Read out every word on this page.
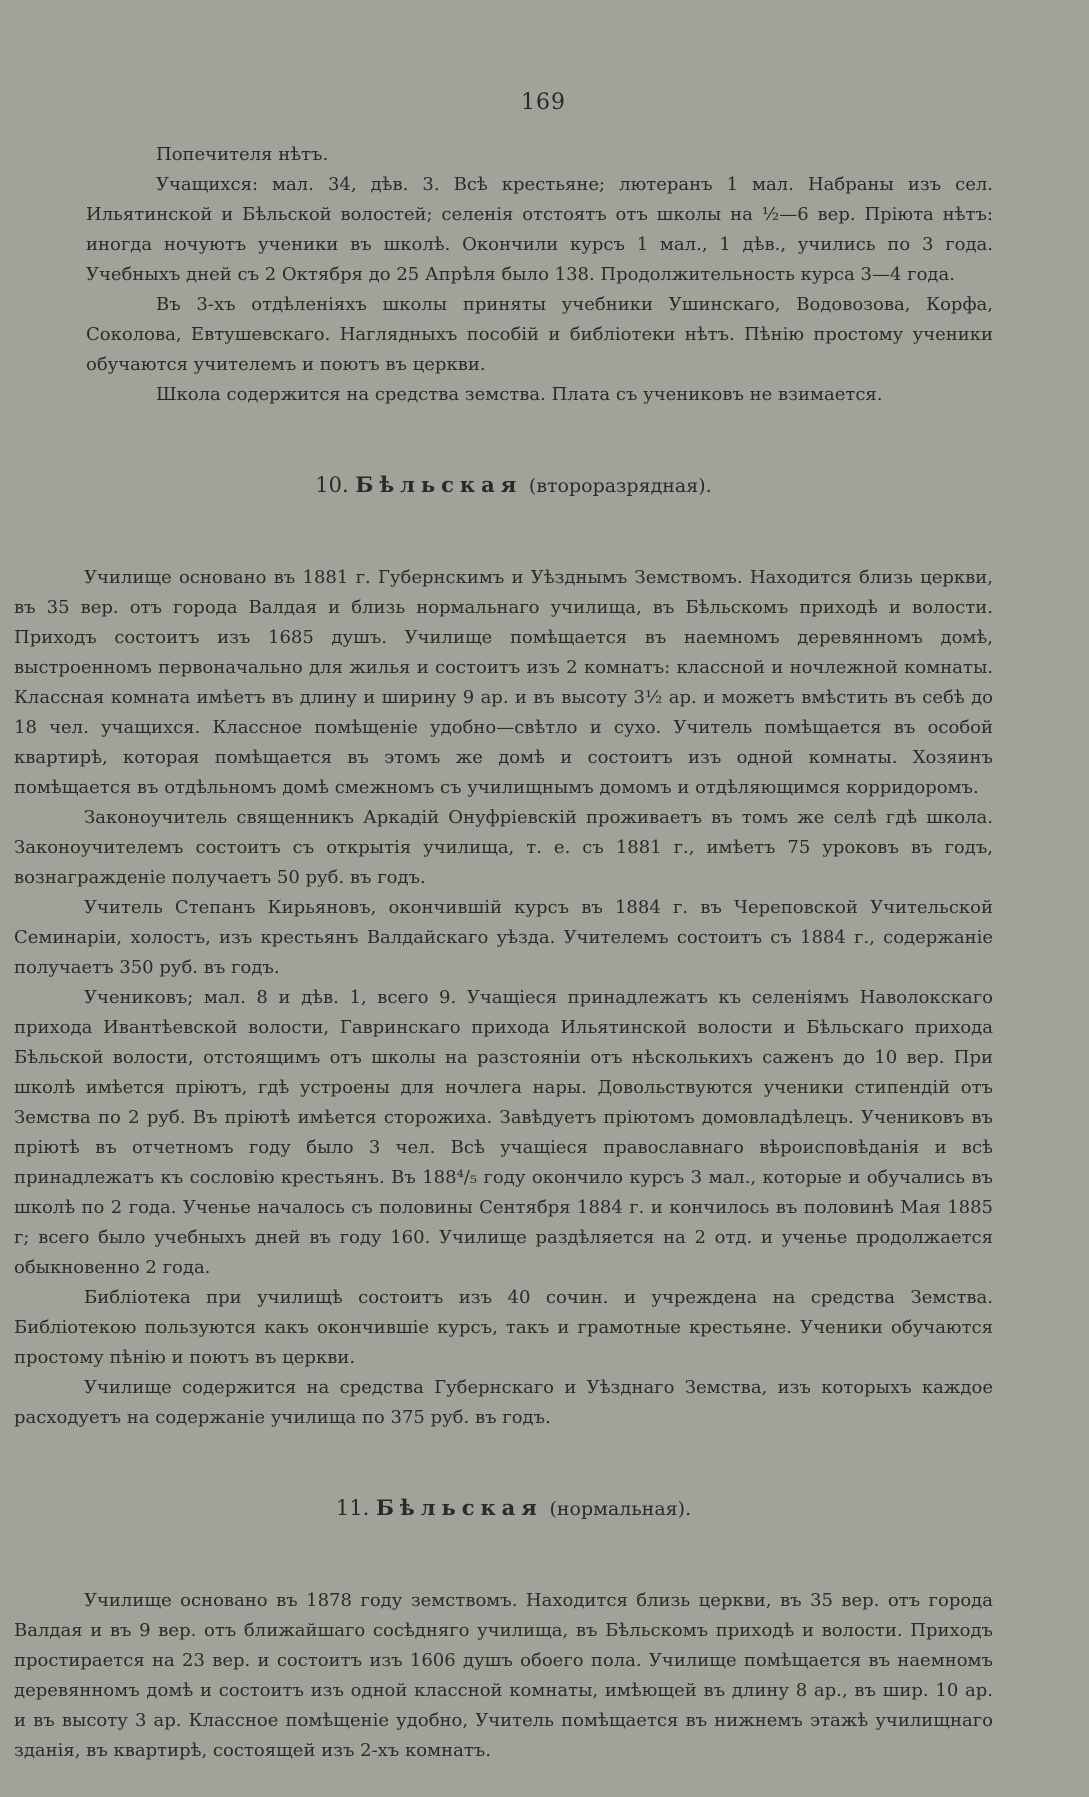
169

Попечителя нѣтъ.

Учащихся: мал. 34, дѣв. 3. Всѣ крестьяне; лютеранъ 1 мал. Набраны изъ сел. Ильятинской и Бѣльской волостей; селенія отстоятъ отъ школы на ½—6 вер. Пріюта нѣтъ: иногда ночуютъ ученики въ школѣ. Окончили курсъ 1 мал., 1 дѣв., учились по 3 года. Учебныхъ дней съ 2 Октября до 25 Апрѣля было 138. Продолжительность курса 3—4 года.

Въ 3-хъ отдѣленіяхъ школы приняты учебники Ушинскаго, Водовозова, Корфа, Соколова, Евтушевскаго. Наглядныхъ пособій и библіотеки нѣтъ. Пѣнію простому ученики обучаются учителемъ и поютъ въ церкви.

Школа содержится на средства земства. Плата съ учениковъ не взимается.

10. Бѣльская (второразрядная).

Училище основано въ 1881 г. Губернскимъ и Уѣзднымъ Земствомъ. Находится близь церкви, въ 35 вер. отъ города Валдая и близь нормальнаго училища, въ Бѣльскомъ приходѣ и волости. Приходъ состоитъ изъ 1685 душъ. Училище помѣщается въ наемномъ деревянномъ домѣ, выстроенномъ первоначально для жилья и состоитъ изъ 2 комнатъ: классной и ночлежной комнаты. Классная комната имѣетъ въ длину и ширину 9 ар. и въ высоту 3½ ар. и можетъ вмѣстить въ себѣ до 18 чел. учащихся. Классное помѣщеніе удобно—свѣтло и сухо. Учитель помѣщается въ особой квартирѣ, которая помѣщается въ этомъ же домѣ и состоитъ изъ одной комнаты. Хозяинъ помѣщается въ отдѣльномъ домѣ смежномъ съ училищнымъ домомъ и отдѣляющимся корридоромъ.

Законоучитель священникъ Аркадій Онуфріевскій проживаетъ въ томъ же селѣ гдѣ школа. Законоучителемъ состоитъ съ открытія училища, т. е. съ 1881 г., имѣетъ 75 уроковъ въ годъ, вознагражденіе получаетъ 50 руб. въ годъ.

Учитель Степанъ Кирьяновъ, окончившій курсъ въ 1884 г. въ Череповской Учительской Семинаріи, холостъ, изъ крестьянъ Валдайскаго уѣзда. Учителемъ состоитъ съ 1884 г., содержаніе получаетъ 350 руб. въ годъ.

Учениковъ; мал. 8 и дѣв. 1, всего 9. Учащіеся принадлежатъ къ селеніямъ Наволокскаго прихода Ивантѣевской волости, Гавринскаго прихода Ильятинской волости и Бѣльскаго прихода Бѣльской волости, отстоящимъ отъ школы на разстояніи отъ нѣсколькихъ саженъ до 10 вер. При школѣ имѣется пріютъ, гдѣ устроены для ночлега нары. Довольствуются ученики стипендій отъ Земства по 2 руб. Въ пріютѣ имѣется сторожиха. Завѣдуетъ пріютомъ домовладѣлецъ. Учениковъ въ пріютѣ въ отчетномъ году было 3 чел. Всѣ учащіеся православнаго вѣроисповѣданія и всѣ принадлежатъ къ сословію крестьянъ. Въ 188⁴/₅ году окончило курсъ 3 мал., которые и обучались въ школѣ по 2 года. Ученье началось съ половины Сентября 1884 г. и кончилось въ половинѣ Мая 1885 г; всего было учебныхъ дней въ году 160. Училище раздѣляется на 2 отд. и ученье продолжается обыкновенно 2 года.

Библіотека при училищѣ состоитъ изъ 40 сочин. и учреждена на средства Земства. Библіотекою пользуются какъ окончившіе курсъ, такъ и грамотные крестьяне. Ученики обучаются простому пѣнію и поютъ въ церкви.

Училище содержится на средства Губернскаго и Уѣзднаго Земства, изъ которыхъ каждое расходуетъ на содержаніе училища по 375 руб. въ годъ.

11. Бѣльская (нормальная).

Училище основано въ 1878 году земствомъ. Находится близь церкви, въ 35 вер. отъ города Валдая и въ 9 вер. отъ ближайшаго сосѣдняго училища, въ Бѣльскомъ приходѣ и волости. Приходъ простирается на 23 вер. и состоитъ изъ 1606 душъ обоего пола. Училище помѣщается въ наемномъ деревянномъ домѣ и состоитъ изъ одной классной комнаты, имѣющей въ длину 8 ар., въ шир. 10 ар. и въ высоту 3 ар. Классное помѣщеніе удобно, Учитель помѣщается въ нижнемъ этажѣ училищнаго зданія, въ квартирѣ, состоящей изъ 2-хъ комнатъ.
